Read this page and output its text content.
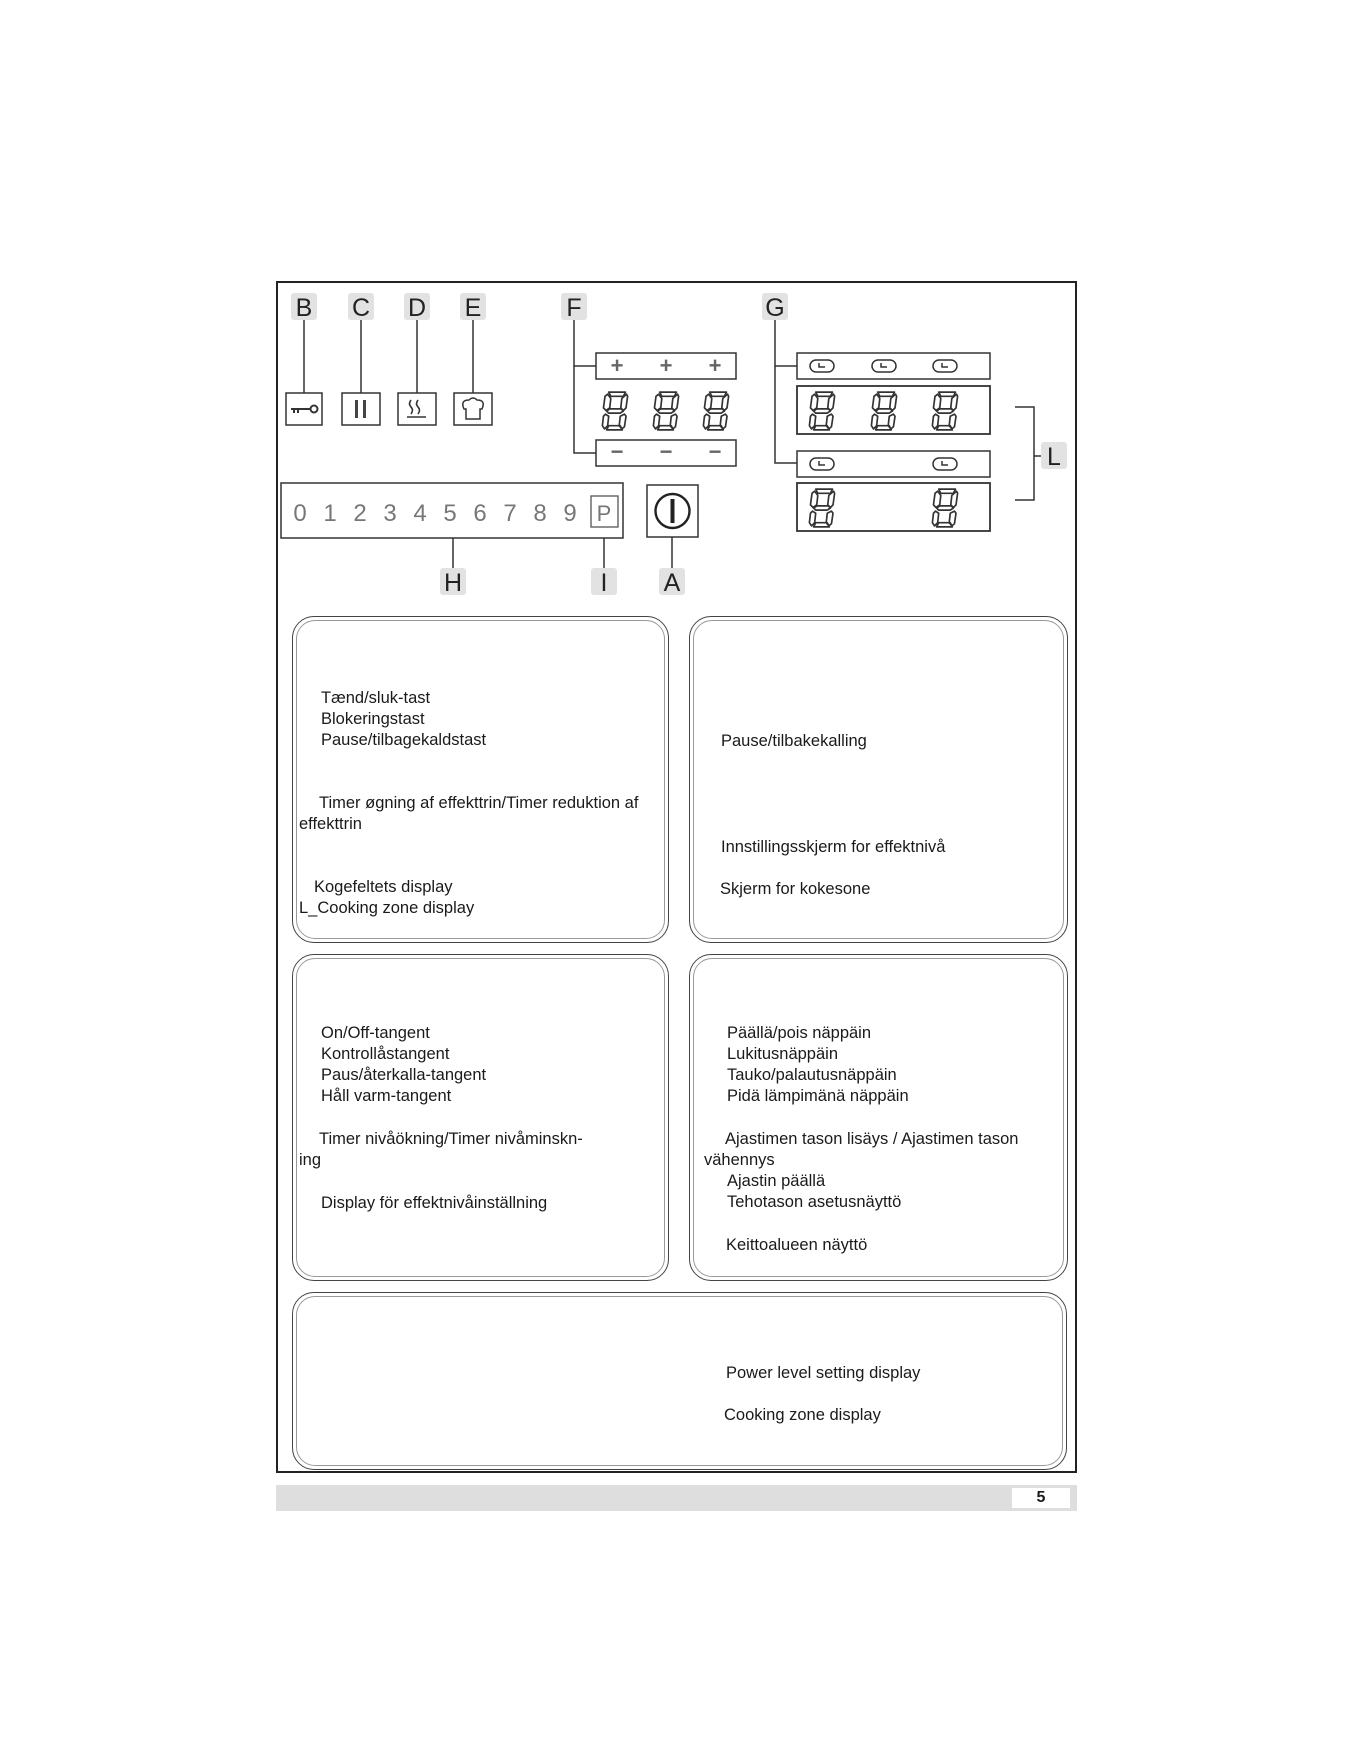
B C D E	F	G
L
H	I A
+ + +
− − −
0 1 2 3 4 5 6 7 8 9 P
Tænd/sluk-tast
Blokeringstast
Pause/tilbagekaldstast
Timer øgning af effekttrin/Timer reduktion af
effekttrin
Kogefeltets display
L_Cooking zone display
Pause/tilbakekalling
Innstillingsskjerm for effektnivå
Skjerm for kokesone
On/Off-tangent
Kontrollåstangent
Paus/återkalla-tangent
Håll varm-tangent
Timer nivåökning/Timer nivåminskn-
ing
Display för effektnivåinställning
Päällä/pois näppäin
Lukitusnäppäin
Tauko/palautusnäppäin
Pidä lämpimänä näppäin
Ajastimen tason lisäys / Ajastimen tason
vähennys
Ajastin päällä
Tehotason asetusnäyttö
Keittoalueen näyttö
Power level setting display
Cooking zone display
5
